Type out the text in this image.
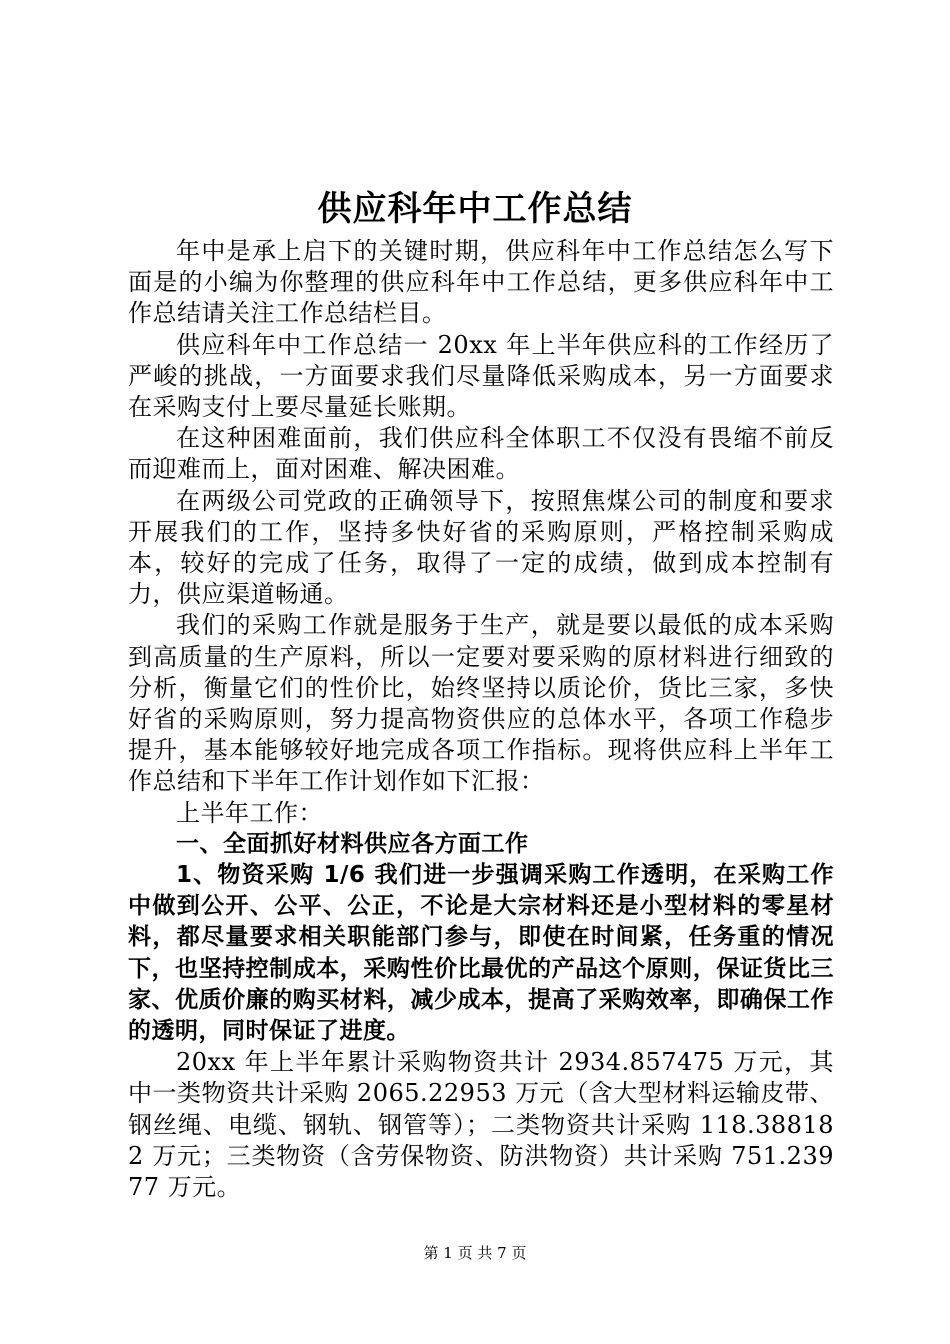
供应科年中工作总结

年中是承上启下的关键时期，供应科年中工作总结怎么写下面是的小编为你整理的供应科年中工作总结，更多供应科年中工作总结请关注工作总结栏目。

供应科年中工作总结一 20xx 年上半年供应科的工作经历了严峻的挑战，一方面要求我们尽量降低采购成本，另一方面要求在采购支付上要尽量延长账期。

在这种困难面前，我们供应科全体职工不仅没有畏缩不前反而迎难而上，面对困难、解决困难。

在两级公司党政的正确领导下，按照焦煤公司的制度和要求开展我们的工作，坚持多快好省的采购原则，严格控制采购成本，较好的完成了任务，取得了一定的成绩，做到成本控制有力，供应渠道畅通。

我们的采购工作就是服务于生产，就是要以最低的成本采购到高质量的生产原料，所以一定要对要采购的原材料进行细致的分析，衡量它们的性价比，始终坚持以质论价，货比三家，多快好省的采购原则，努力提高物资供应的总体水平，各项工作稳步提升，基本能够较好地完成各项工作指标。现将供应科上半年工作总结和下半年工作计划作如下汇报：

上半年工作：

一、全面抓好材料供应各方面工作

1、物资采购 1/6 我们进一步强调采购工作透明，在采购工作中做到公开、公平、公正，不论是大宗材料还是小型材料的零星材料，都尽量要求相关职能部门参与，即使在时间紧，任务重的情况下，也坚持控制成本，采购性价比最优的产品这个原则，保证货比三家、优质价廉的购买材料，减少成本，提高了采购效率，即确保工作的透明，同时保证了进度。

20xx 年上半年累计采购物资共计 2934.857475 万元，其中一类物资共计采购 2065.22953 万元（含大型材料运输皮带、钢丝绳、电缆、钢轨、钢管等）；二类物资共计采购 118.388182 万元；三类物资（含劳保物资、防洪物资）共计采购 751.23977 万元。

第 1 页 共 7 页
